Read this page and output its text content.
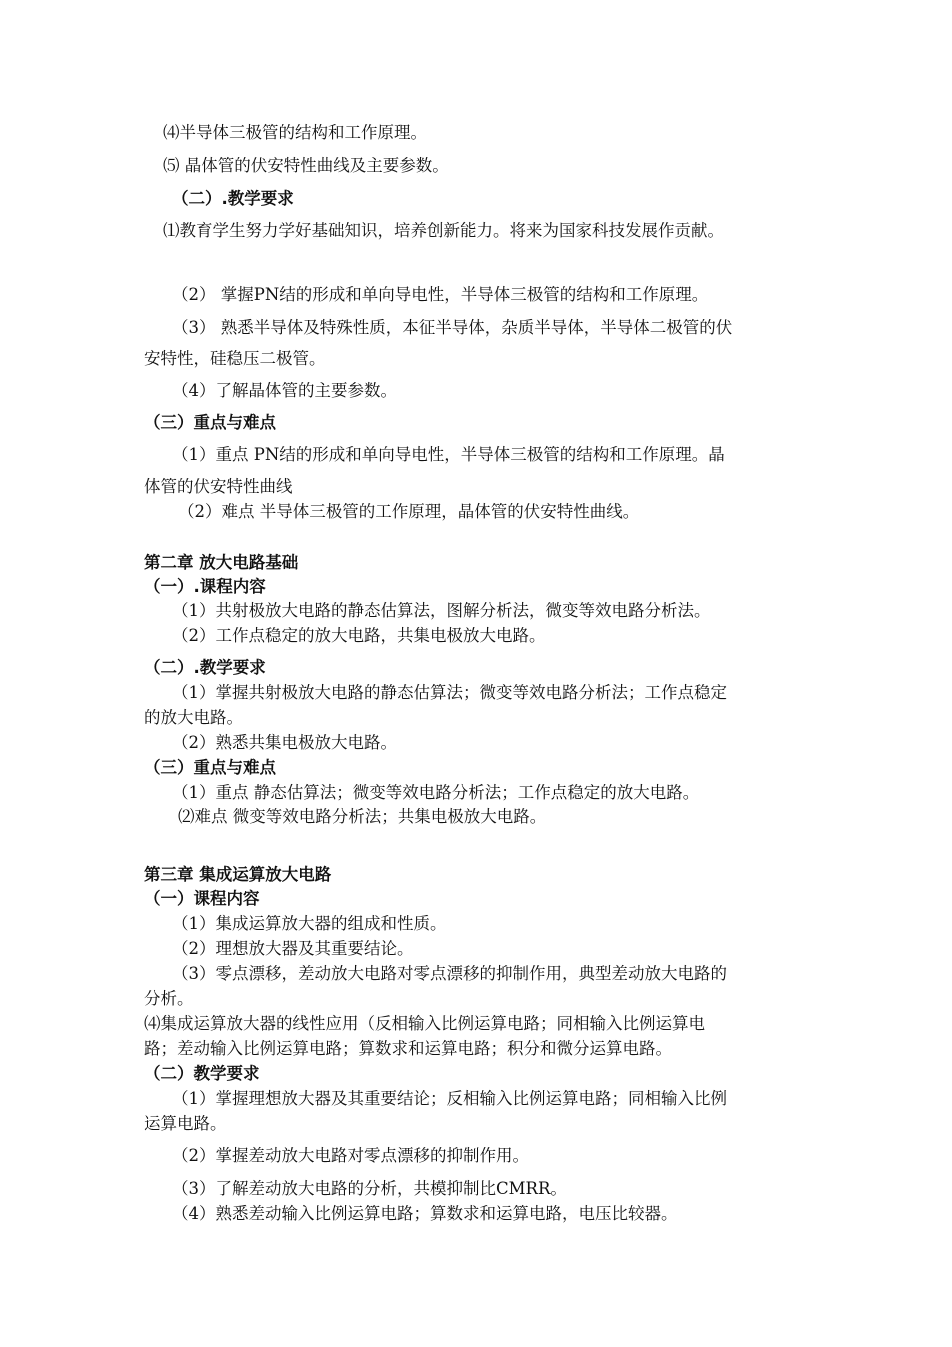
⑷半导体三极管的结构和工作原理。
⑸ 晶体管的伏安特性曲线及主要参数。
（二）.教学要求
⑴教育学生努力学好基础知识，培养创新能力。将来为国家科技发展作贡献。
（2） 掌握PN结的形成和单向导电性，半导体三极管的结构和工作原理。
（3） 熟悉半导体及特殊性质，本征半导体，杂质半导体，半导体二极管的伏
安特性，硅稳压二极管。
（4）了解晶体管的主要参数。
（三）重点与难点
（1）重点 PN结的形成和单向导电性，半导体三极管的结构和工作原理。晶
体管的伏安特性曲线
（2）难点 半导体三极管的工作原理，晶体管的伏安特性曲线。
第二章 放大电路基础
（一）.课程内容
（1）共射极放大电路的静态估算法，图解分析法，微变等效电路分析法。
（2）工作点稳定的放大电路，共集电极放大电路。
（二）.教学要求
（1）掌握共射极放大电路的静态估算法；微变等效电路分析法；工作点稳定
的放大电路。
（2）熟悉共集电极放大电路。
（三）重点与难点
（1）重点 静态估算法；微变等效电路分析法；工作点稳定的放大电路。
⑵难点 微变等效电路分析法；共集电极放大电路。
第三章 集成运算放大电路
（一）课程内容
（1）集成运算放大器的组成和性质。
（2）理想放大器及其重要结论。
（3）零点漂移，差动放大电路对零点漂移的抑制作用，典型差动放大电路的
分析。
⑷集成运算放大器的线性应用（反相输入比例运算电路；同相输入比例运算电
路；差动输入比例运算电路；算数求和运算电路；积分和微分运算电路。
（二）教学要求
（1）掌握理想放大器及其重要结论；反相输入比例运算电路；同相输入比例
运算电路。
（2）掌握差动放大电路对零点漂移的抑制作用。
（3）了解差动放大电路的分析，共模抑制比CMRR。
（4）熟悉差动输入比例运算电路；算数求和运算电路，电压比较器。
